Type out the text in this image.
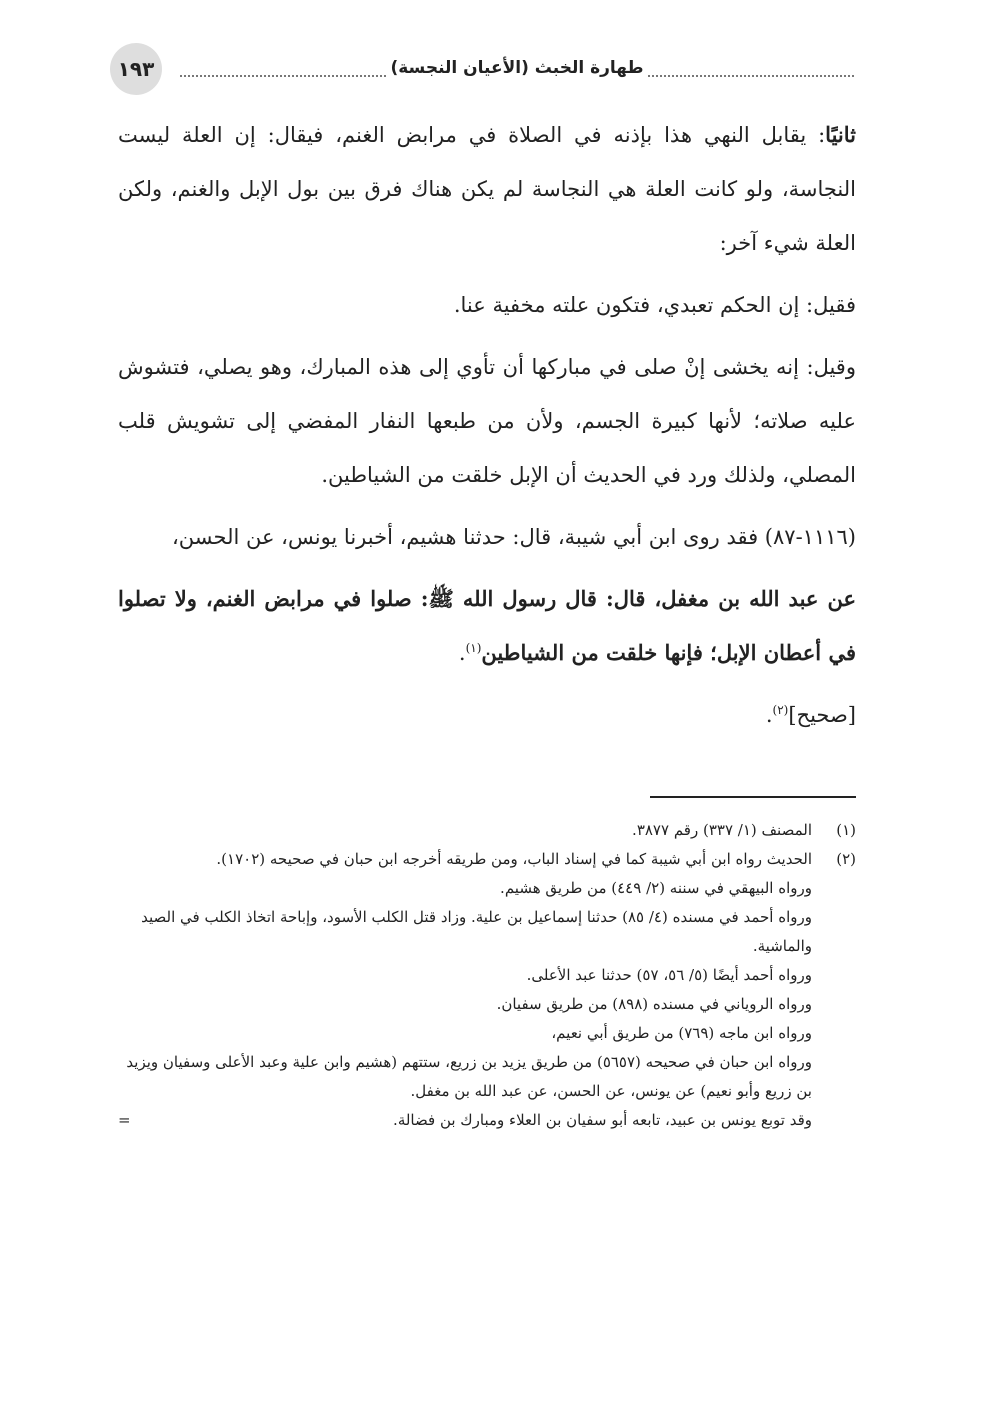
١٩٣	طهارة الخبث (الأعيان النجسة)

ثانيًا: يقابل النهي هذا بإذنه في الصلاة في مرابض الغنم، فيقال: إن العلة ليست النجاسة، ولو كانت العلة هي النجاسة لم يكن هناك فرق بين بول الإبل والغنم، ولكن العلة شيء آخر:

فقيل: إن الحكم تعبدي، فتكون علته مخفية عنا.

وقيل: إنه يخشى إنْ صلى في مباركها أن تأوي إلى هذه المبارك، وهو يصلي، فتشوش عليه صلاته؛ لأنها كبيرة الجسم، ولأن من طبعها النفار المفضي إلى تشويش قلب المصلي، ولذلك ورد في الحديث أن الإبل خلقت من الشياطين.

(١١١٦-٨٧) فقد روى ابن أبي شيبة، قال: حدثنا هشيم، أخبرنا يونس، عن الحسن،

عن عبد الله بن مغفل، قال: قال رسول الله ﷺ: صلوا في مرابض الغنم، ولا تصلوا في أعطان الإبل؛ فإنها خلقت من الشياطين$^{(١)}$.

[صحيح]$^{(٢)}$.

(١)المصنف (١/ ٣٣٧) رقم ٣٨٧٧.

(٢)الحديث رواه ابن أبي شيبة كما في إسناد الباب، ومن طريقه أخرجه ابن حبان في صحيحه (١٧٠٢).

ورواه البيهقي في سننه (٢/ ٤٤٩) من طريق هشيم.

ورواه أحمد في مسنده (٤/ ٨٥) حدثنا إسماعيل بن علية. وزاد قتل الكلب الأسود، وإباحة اتخاذ الكلب في الصيد والماشية.

ورواه أحمد أيضًا (٥/ ٥٦، ٥٧) حدثنا عبد الأعلى.

ورواه الروياني في مسنده (٨٩٨) من طريق سفيان.

ورواه ابن ماجه (٧٦٩) من طريق أبي نعيم،

ورواه ابن حبان في صحيحه (٥٦٥٧) من طريق يزيد بن زريع، ستتهم (هشيم وابن علية وعبد الأعلى وسفيان ويزيد بن زريع وأبو نعيم) عن يونس، عن الحسن، عن عبد الله بن مغفل.

وقد توبع يونس بن عبيد، تابعه أبو سفيان بن العلاء ومبارك بن فضالة.
=
